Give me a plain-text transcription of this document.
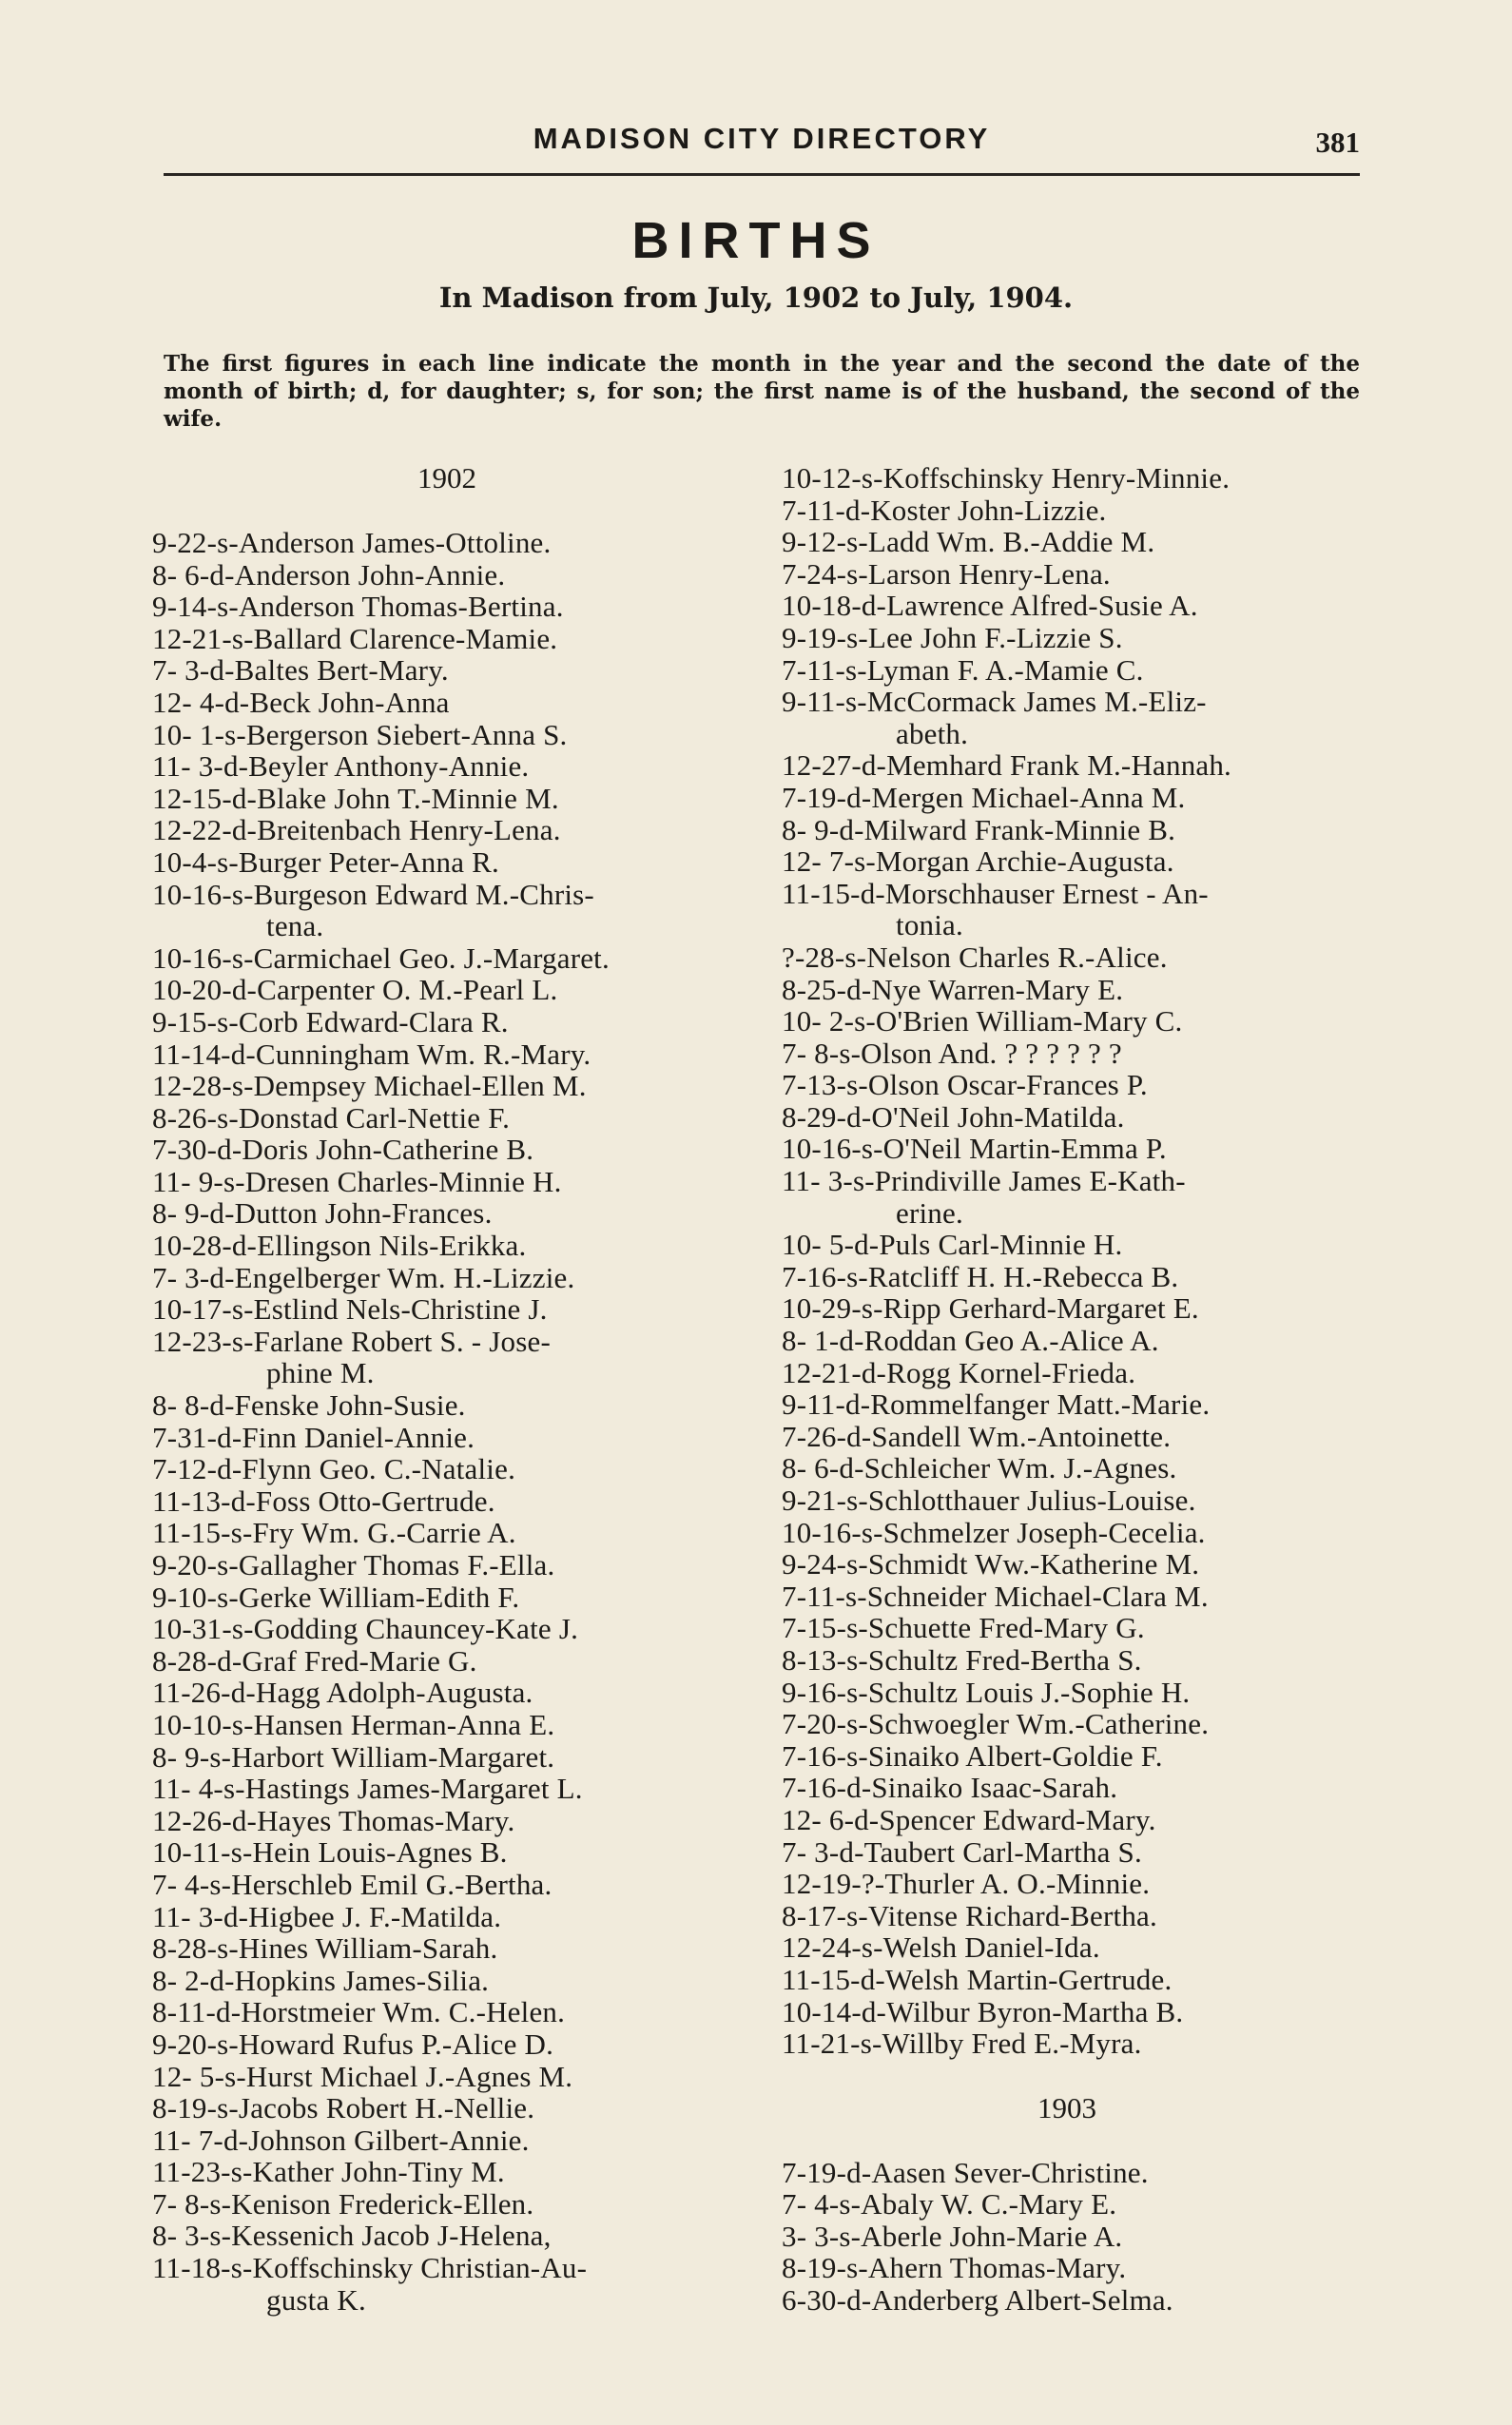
MADISON CITY DIRECTORY	381
BIRTHS
In Madison from July, 1902 to July, 1904.
The first figures in each line indicate the month in the year and the second the date of the month of birth; d, for daughter; s, for son; the first name is of the husband, the second of the wife.
1902
9-22-s-Anderson James-Ottoline.
8- 6-d-Anderson John-Annie.
9-14-s-Anderson Thomas-Bertina.
12-21-s-Ballard Clarence-Mamie.
7- 3-d-Baltes Bert-Mary.
12- 4-d-Beck John-Anna
10- 1-s-Bergerson Siebert-Anna S.
11- 3-d-Beyler Anthony-Annie.
12-15-d-Blake John T.-Minnie M.
12-22-d-Breitenbach Henry-Lena.
10-4-s-Burger Peter-Anna R.
10-16-s-Burgeson Edward M.-Chris-
tena.
10-16-s-Carmichael Geo. J.-Margaret.
10-20-d-Carpenter O. M.-Pearl L.
9-15-s-Corb Edward-Clara R.
11-14-d-Cunningham Wm. R.-Mary.
12-28-s-Dempsey Michael-Ellen M.
8-26-s-Donstad Carl-Nettie F.
7-30-d-Doris John-Catherine B.
11- 9-s-Dresen Charles-Minnie H.
8- 9-d-Dutton John-Frances.
10-28-d-Ellingson Nils-Erikka.
7- 3-d-Engelberger Wm. H.-Lizzie.
10-17-s-Estlind Nels-Christine J.
12-23-s-Farlane Robert S. - Jose-
phine M.
8- 8-d-Fenske John-Susie.
7-31-d-Finn Daniel-Annie.
7-12-d-Flynn Geo. C.-Natalie.
11-13-d-Foss Otto-Gertrude.
11-15-s-Fry Wm. G.-Carrie A.
9-20-s-Gallagher Thomas F.-Ella.
9-10-s-Gerke William-Edith F.
10-31-s-Godding Chauncey-Kate J.
8-28-d-Graf Fred-Marie G.
11-26-d-Hagg Adolph-Augusta.
10-10-s-Hansen Herman-Anna E.
8- 9-s-Harbort William-Margaret.
11- 4-s-Hastings James-Margaret L.
12-26-d-Hayes Thomas-Mary.
10-11-s-Hein Louis-Agnes B.
7- 4-s-Herschleb Emil G.-Bertha.
11- 3-d-Higbee J. F.-Matilda.
8-28-s-Hines William-Sarah.
8- 2-d-Hopkins James-Silia.
8-11-d-Horstmeier Wm. C.-Helen.
9-20-s-Howard Rufus P.-Alice D.
12- 5-s-Hurst Michael J.-Agnes M.
8-19-s-Jacobs Robert H.-Nellie.
11- 7-d-Johnson Gilbert-Annie.
11-23-s-Kather John-Tiny M.
7- 8-s-Kenison Frederick-Ellen.
8- 3-s-Kessenich Jacob J-Helena,
11-18-s-Koffschinsky Christian-Au-
gusta K.
10-12-s-Koffschinsky Henry-Minnie.
7-11-d-Koster John-Lizzie.
9-12-s-Ladd Wm. B.-Addie M.
7-24-s-Larson Henry-Lena.
10-18-d-Lawrence Alfred-Susie A.
9-19-s-Lee John F.-Lizzie S.
7-11-s-Lyman F. A.-Mamie C.
9-11-s-McCormack James M.-Eliz-
abeth.
12-27-d-Memhard Frank M.-Hannah.
7-19-d-Mergen Michael-Anna M.
8- 9-d-Milward Frank-Minnie B.
12- 7-s-Morgan Archie-Augusta.
11-15-d-Morschhauser Ernest - An-
tonia.
?-28-s-Nelson Charles R.-Alice.
8-25-d-Nye Warren-Mary E.
10- 2-s-O'Brien William-Mary C.
7- 8-s-Olson And. ? ? ? ? ? ?
7-13-s-Olson Oscar-Frances P.
8-29-d-O'Neil John-Matilda.
10-16-s-O'Neil Martin-Emma P.
11- 3-s-Prindiville James E-Kath-
erine.
10- 5-d-Puls Carl-Minnie H.
7-16-s-Ratcliff H. H.-Rebecca B.
10-29-s-Ripp Gerhard-Margaret E.
8- 1-d-Roddan Geo A.-Alice A.
12-21-d-Rogg Kornel-Frieda.
9-11-d-Rommelfanger Matt.-Marie.
7-26-d-Sandell Wm.-Antoinette.
8- 6-d-Schleicher Wm. J.-Agnes.
9-21-s-Schlotthauer Julius-Louise.
10-16-s-Schmelzer Joseph-Cecelia.
9-24-s-Schmidt Ww.-Katherine M.
7-11-s-Schneider Michael-Clara M.
7-15-s-Schuette Fred-Mary G.
8-13-s-Schultz Fred-Bertha S.
9-16-s-Schultz Louis J.-Sophie H.
7-20-s-Schwoegler Wm.-Catherine.
7-16-s-Sinaiko Albert-Goldie F.
7-16-d-Sinaiko Isaac-Sarah.
12- 6-d-Spencer Edward-Mary.
7- 3-d-Taubert Carl-Martha S.
12-19-?-Thurler A. O.-Minnie.
8-17-s-Vitense Richard-Bertha.
12-24-s-Welsh Daniel-Ida.
11-15-d-Welsh Martin-Gertrude.
10-14-d-Wilbur Byron-Martha B.
11-21-s-Willby Fred E.-Myra.
1903
7-19-d-Aasen Sever-Christine.
7- 4-s-Abaly W. C.-Mary E.
3- 3-s-Aberle John-Marie A.
8-19-s-Ahern Thomas-Mary.
6-30-d-Anderberg Albert-Selma.
